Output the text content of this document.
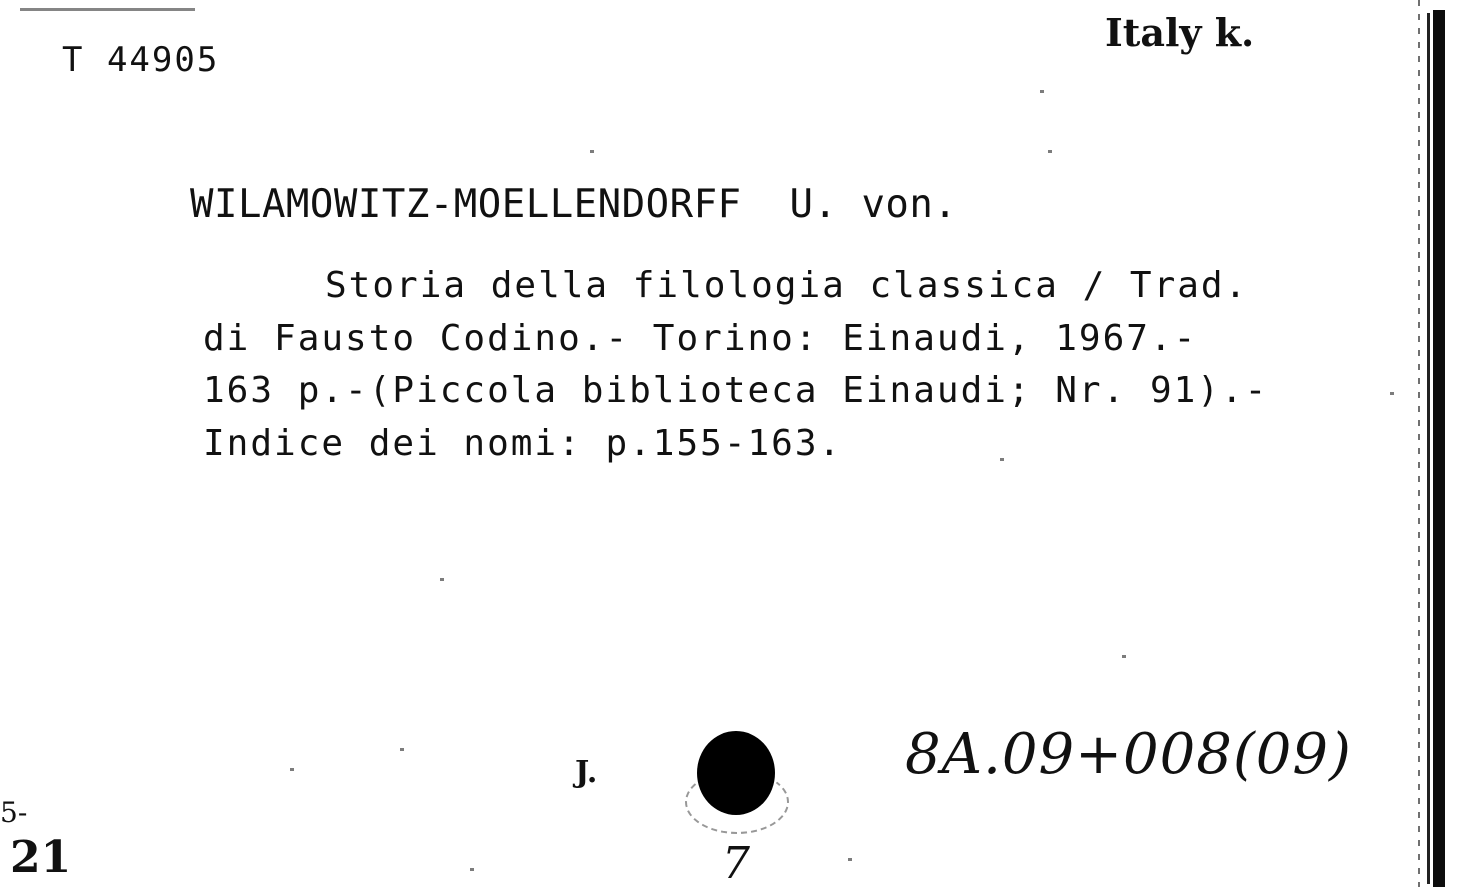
T 44905
Italy k.
WILAMOWITZ-MOELLENDORFF  U. von.
Storia della filologia classica / Trad.
di Fausto Codino.- Torino: Einaudi, 1967.-
163 p.-(Piccola biblioteca Einaudi; Nr. 91).-
Indice dei nomi: p.155-163.
J.	8A.09+008(09)
5-
21	7
